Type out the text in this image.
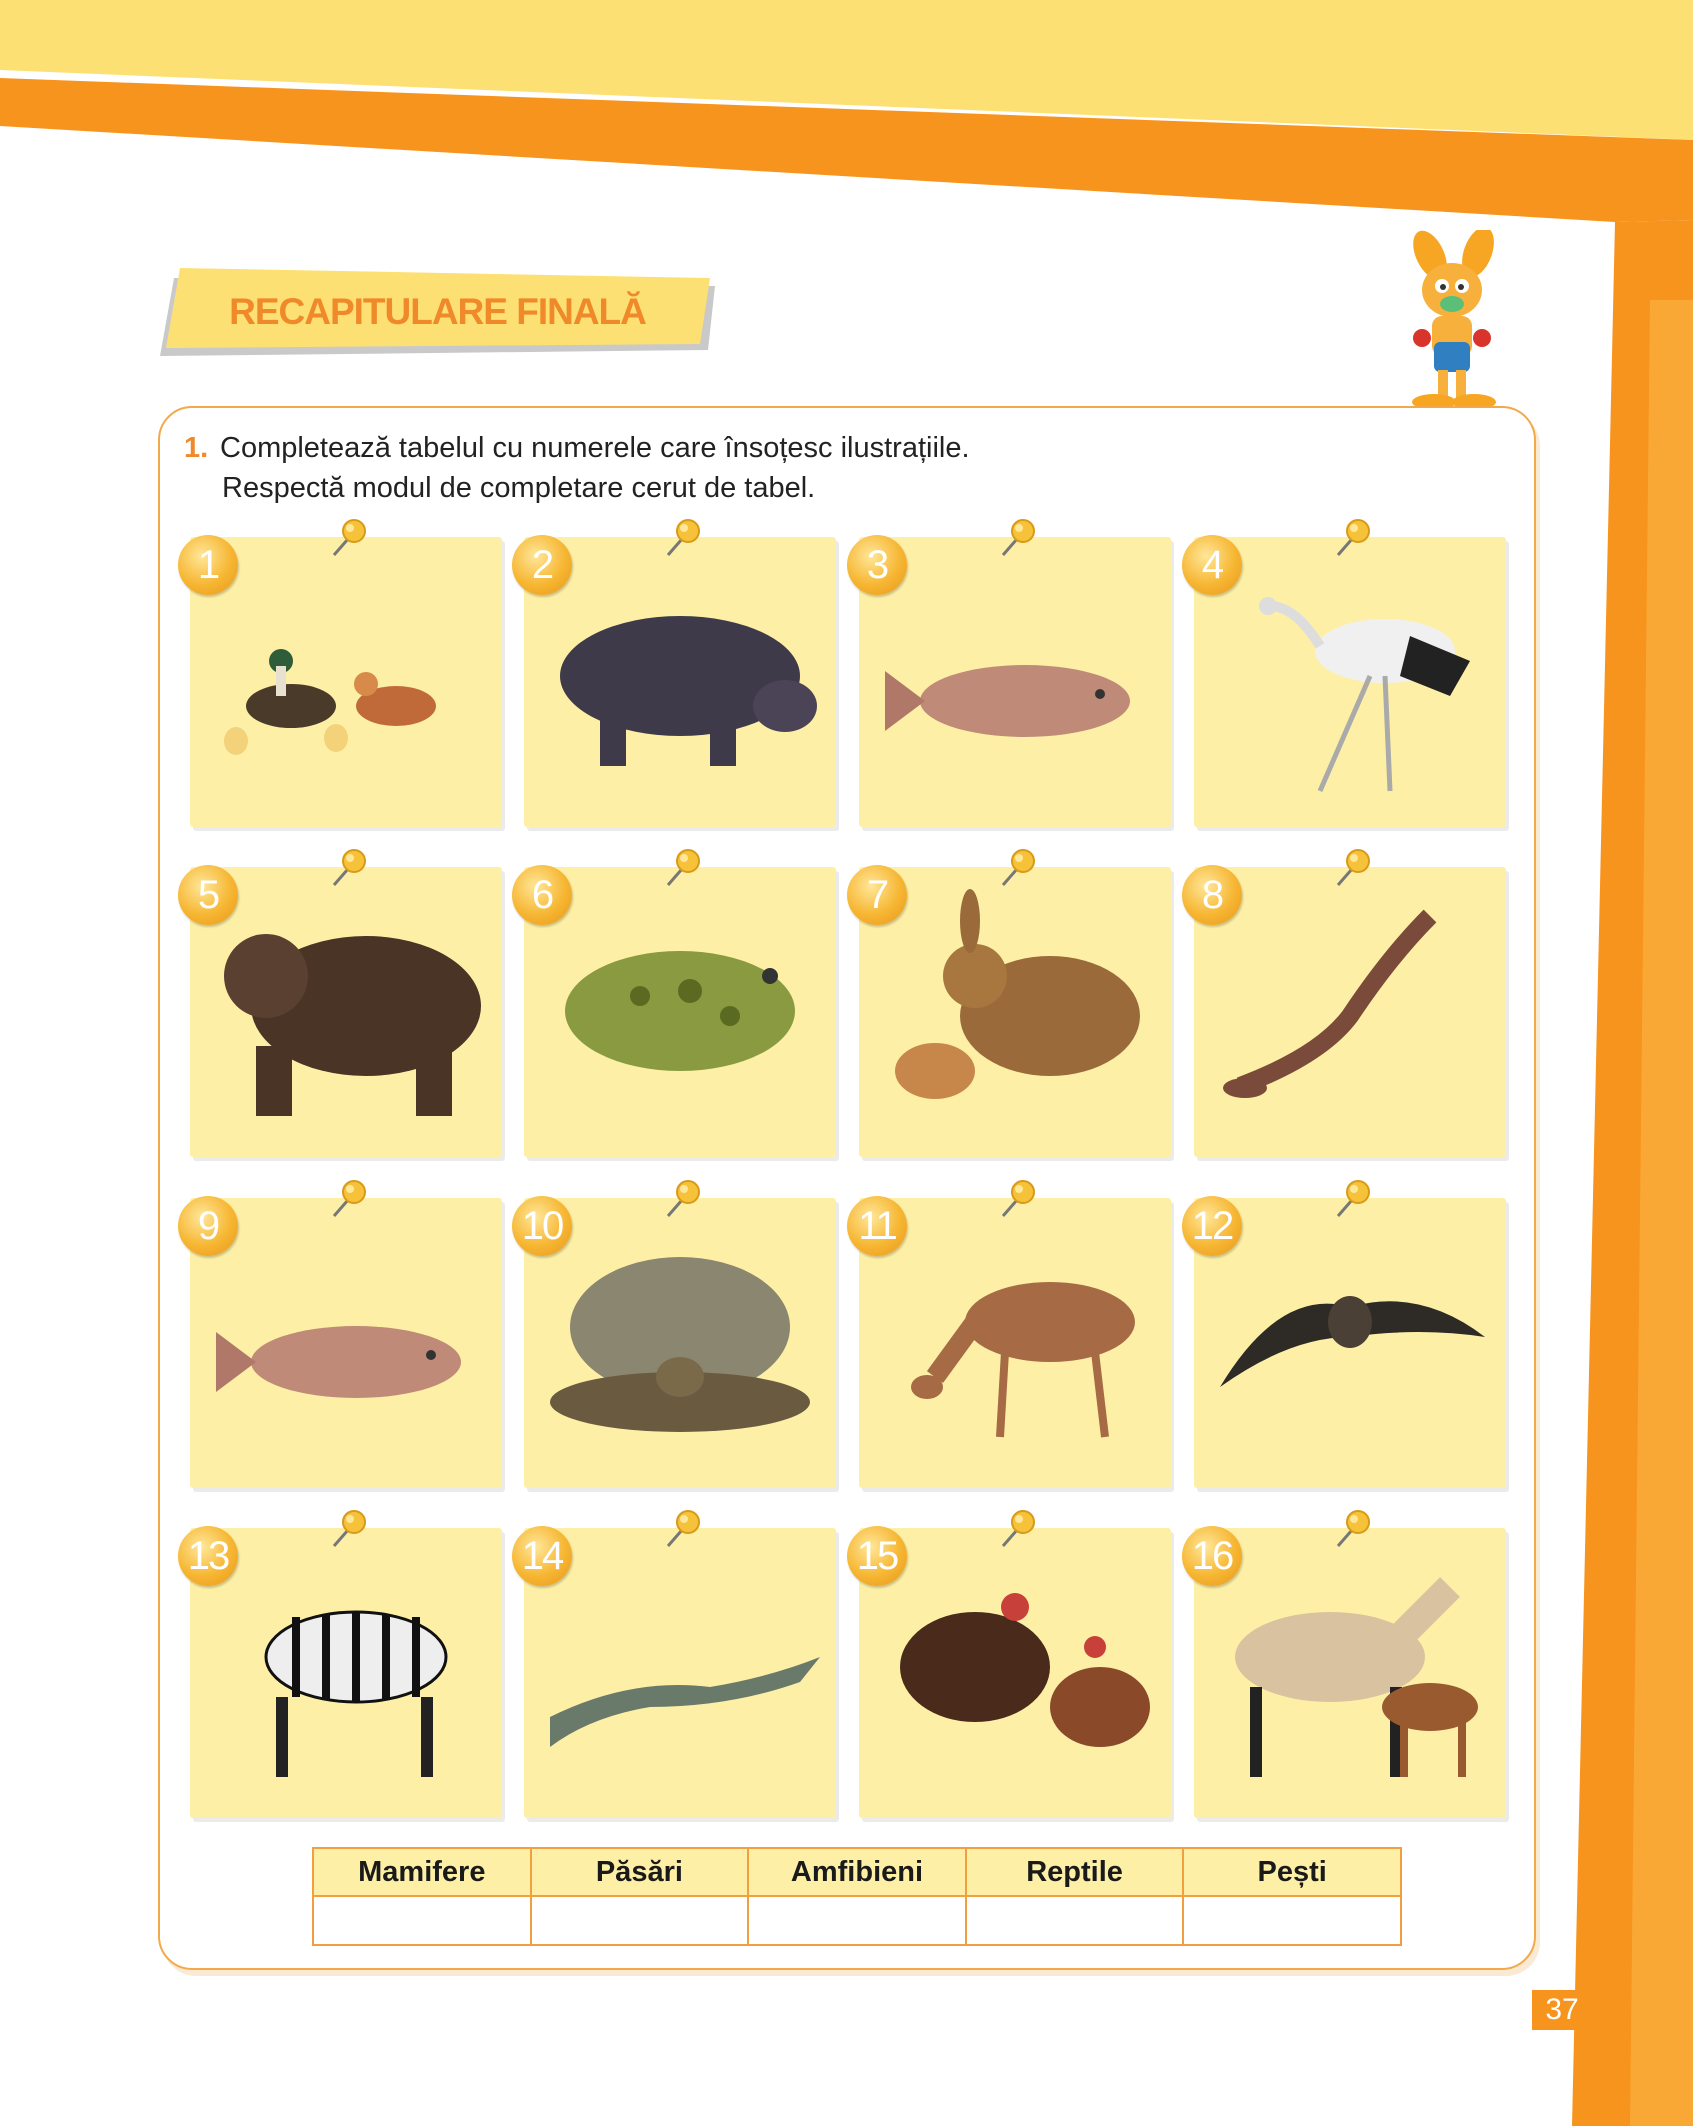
RECAPITULARE FINALĂ
1. Completează tabelul cu numerele care însoțesc ilustrațiile.
Respectă modul de completare cerut de tabel.
1	2	3	4
5	6	7	8
9	10	11	12
13	14	15	16
Mamifere	Păsări	Amfibieni	Reptile	Pești

37
